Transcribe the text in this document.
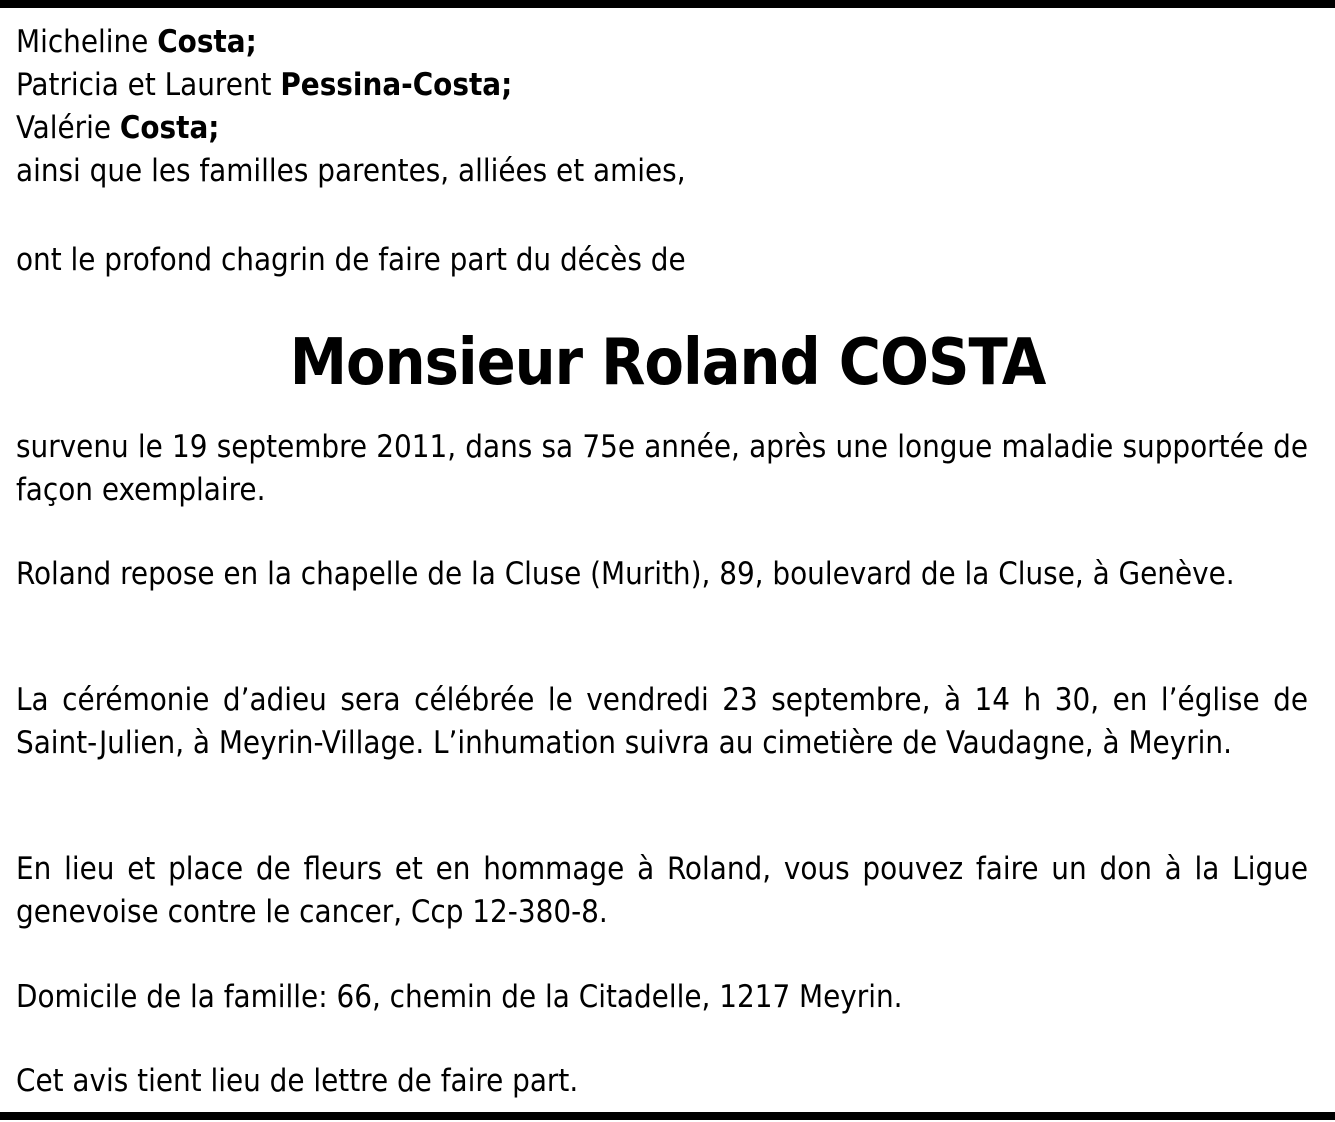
Micheline Costa;
Patricia et Laurent Pessina-Costa;
Valérie Costa;
ainsi que les familles parentes, alliées et amies,
ont le profond chagrin de faire part du décès de
Monsieur Roland COSTA

survenu le 19 septembre 2011, dans sa 75e année, après une longue maladie supportée de façon exemplaire.

Roland repose en la chapelle de la Cluse (Murith), 89, boulevard de la Cluse, à Genève.

La cérémonie d’adieu sera célébrée le vendredi 23 septembre, à 14 h 30, en l’église de Saint-Julien, à Meyrin-Village. L’inhumation suivra au cimetière de Vaudagne, à Meyrin.

En lieu et place de fleurs et en hommage à Roland, vous pouvez faire un don à la Ligue genevoise contre le cancer, Ccp 12-380-8.

Domicile de la famille: 66, chemin de la Citadelle, 1217 Meyrin.

Cet avis tient lieu de lettre de faire part.
